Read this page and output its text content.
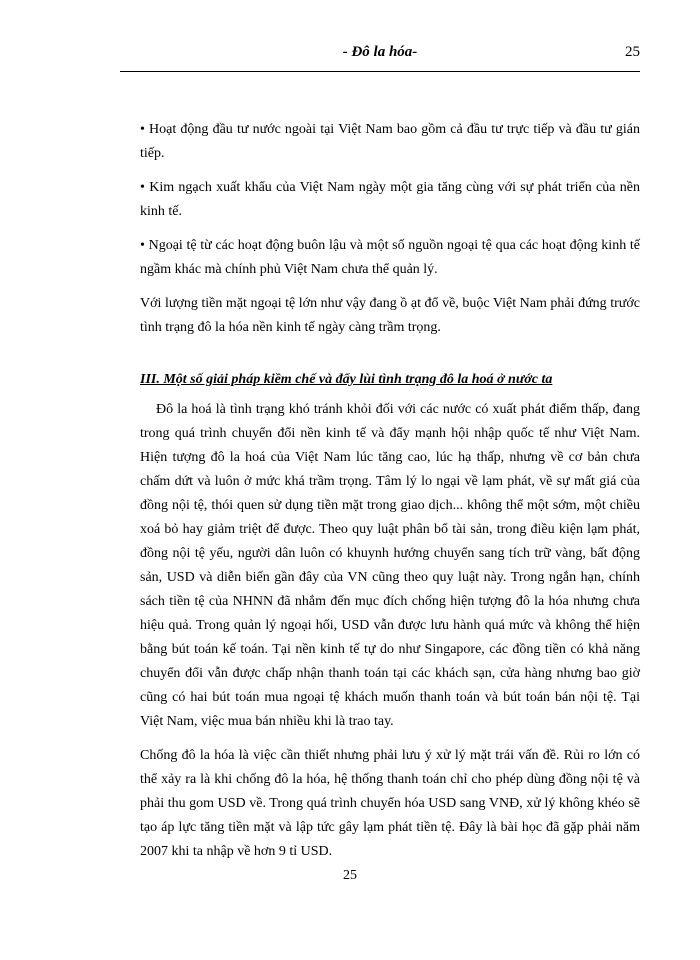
- Đô la hóa-	25

• Hoạt động đầu tư nước ngoài tại Việt Nam bao gồm cả đầu tư trực tiếp và đầu tư gián tiếp.

• Kim ngạch xuất khẩu của Việt Nam ngày một gia tăng cùng với sự phát triển của nền kinh tế.

• Ngoại tệ từ các hoạt động buôn lậu và một số nguồn ngoại tệ qua các hoạt động kinh tế ngầm khác mà chính phủ Việt Nam chưa thể quản lý.

Với lượng tiền mặt ngoại tệ lớn như vậy đang ồ ạt đổ về, buộc Việt Nam phải đứng trước tình trạng đô la hóa nền kinh tế ngày càng trầm trọng.

III. Một số giải pháp kiềm chế và đẩy lùi tình trạng đô la hoá ở nước ta

Đô la hoá là tình trạng khó tránh khỏi đối với các nước có xuất phát điểm thấp, đang trong quá trình chuyển đổi nền kinh tế và đẩy mạnh hội nhập quốc tế như Việt Nam. Hiện tượng đô la hoá của Việt Nam lúc tăng cao, lúc hạ thấp, nhưng về cơ bản chưa chấm dứt và luôn ở mức khá trầm trọng. Tâm lý lo ngại về lạm phát, về sự mất giá của đồng nội tệ, thói quen sử dụng tiền mặt trong giao dịch... không thể một sớm, một chiều xoá bỏ hay giảm triệt để được. Theo quy luật phân bổ tài sản, trong điều kiện lạm phát, đồng nội tệ yếu, người dân luôn có khuynh hướng chuyển sang tích trữ vàng, bất động sản, USD và diễn biến gần đây của VN cũng theo quy luật này. Trong ngắn hạn, chính sách tiền tệ của NHNN đã nhắm đến mục đích chống hiện tượng đô la hóa nhưng chưa hiệu quả. Trong quản lý ngoại hối, USD vẫn được lưu hành quá mức và không thể hiện bằng bút toán kế toán. Tại nền kinh tế tự do như Singapore, các đồng tiền có khả năng chuyển đổi vẫn được chấp nhận thanh toán tại các khách sạn, cửa hàng nhưng bao giờ cũng có hai bút toán mua ngoại tệ khách muốn thanh toán và bút toán bán nội tệ. Tại Việt Nam, việc mua bán nhiều khi là trao tay.

Chống đô la hóa là việc cần thiết nhưng phải lưu ý xử lý mặt trái vấn đề. Rủi ro lớn có thể xảy ra là khi chống đô la hóa, hệ thống thanh toán chỉ cho phép dùng đồng nội tệ và phải thu gom USD về. Trong quá trình chuyển hóa USD sang VNĐ, xử lý không khéo sẽ tạo áp lực tăng tiền mặt và lập tức gây lạm phát tiền tệ. Đây là bài học đã gặp phải năm 2007 khi ta nhập về hơn 9 tỉ USD.

25
